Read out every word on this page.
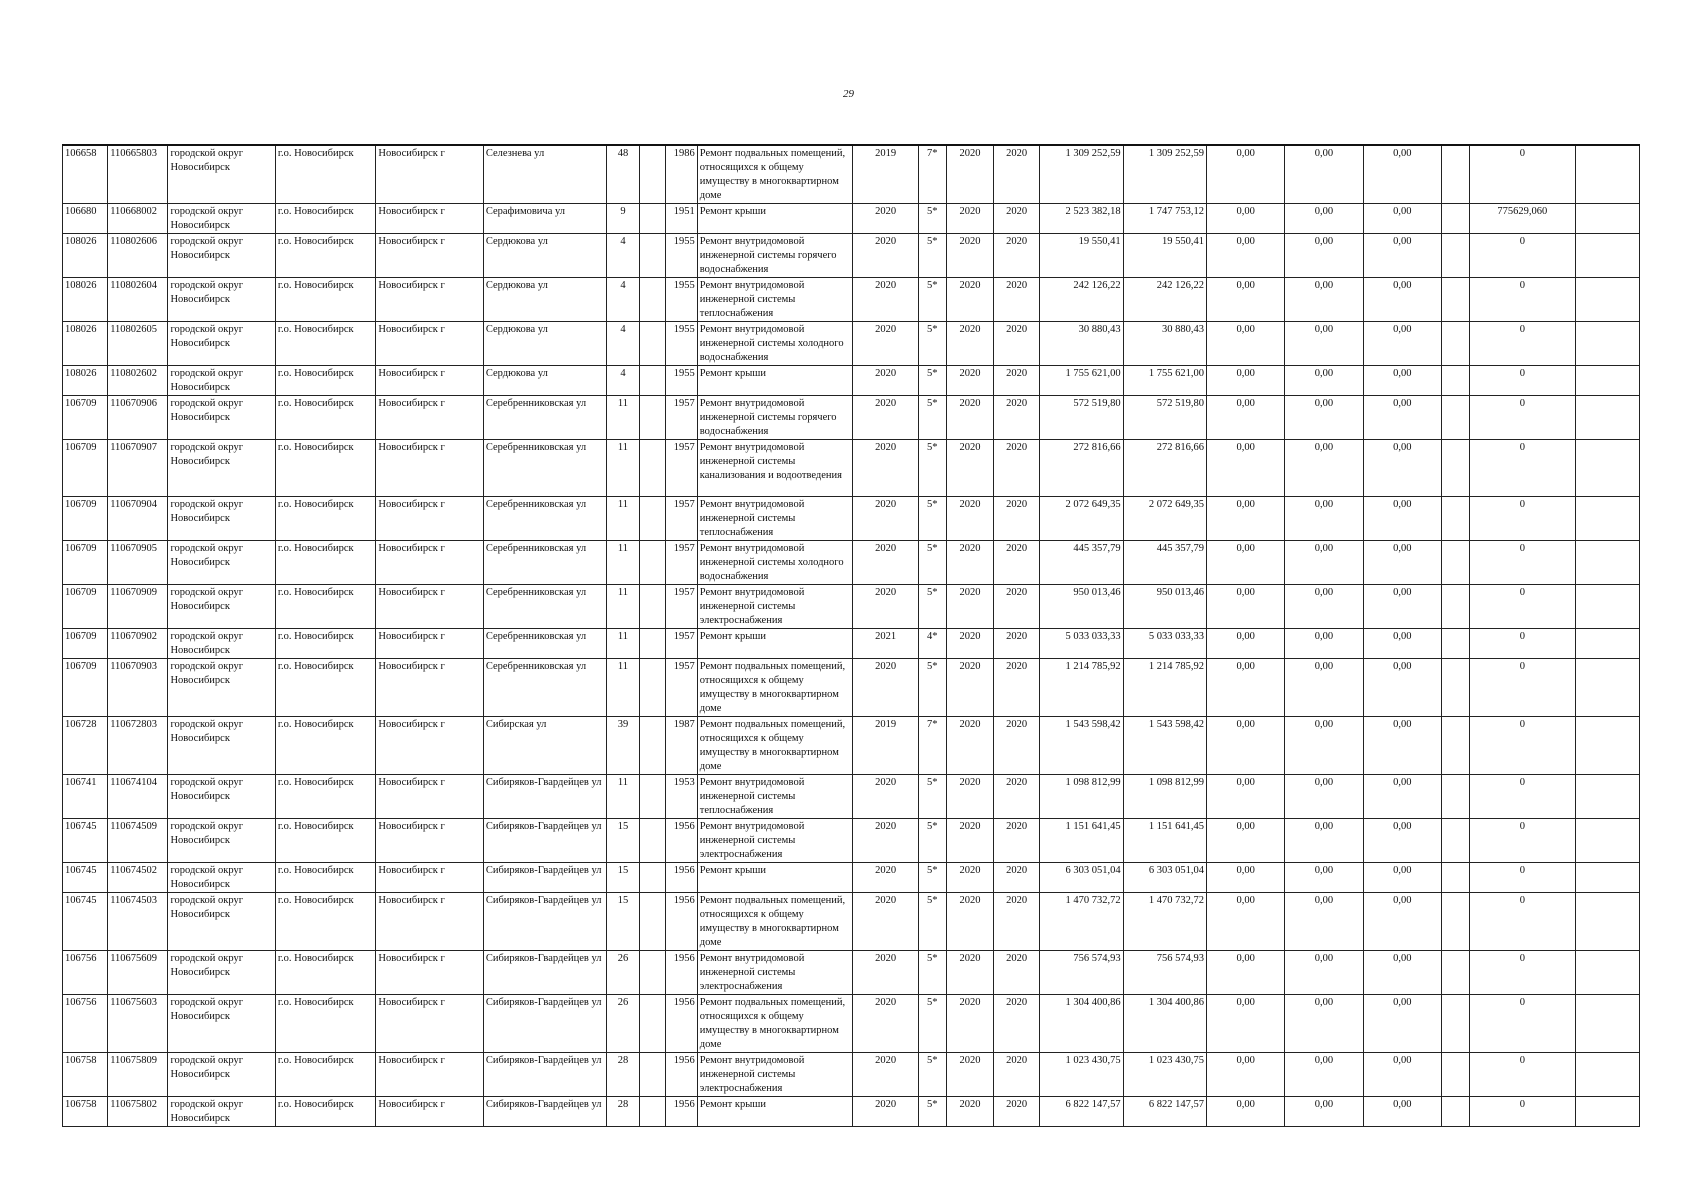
29
106658	110665803	городской округ Новосибирск	г.о. Новосибирск	Новосибирск г	Селезнева ул	48		1986	Ремонт подвальных помещений, относящихся к общему имуществу в многоквартирном доме	2019	7*	2020	2020	1 309 252,59	1 309 252,59	0,00	0,00	0,00		0	
106680	110668002	городской округ Новосибирск	г.о. Новосибирск	Новосибирск г	Серафимовича ул	9		1951	Ремонт крыши	2020	5*	2020	2020	2 523 382,18	1 747 753,12	0,00	0,00	0,00		775629,060	
108026	110802606	городской округ Новосибирск	г.о. Новосибирск	Новосибирск г	Сердюкова ул	4		1955	Ремонт внутридомовой инженерной системы горячего водоснабжения	2020	5*	2020	2020	19 550,41	19 550,41	0,00	0,00	0,00		0	
108026	110802604	городской округ Новосибирск	г.о. Новосибирск	Новосибирск г	Сердюкова ул	4		1955	Ремонт внутридомовой инженерной системы теплоснабжения	2020	5*	2020	2020	242 126,22	242 126,22	0,00	0,00	0,00		0	
108026	110802605	городской округ Новосибирск	г.о. Новосибирск	Новосибирск г	Сердюкова ул	4		1955	Ремонт внутридомовой инженерной системы холодного водоснабжения	2020	5*	2020	2020	30 880,43	30 880,43	0,00	0,00	0,00		0	
108026	110802602	городской округ Новосибирск	г.о. Новосибирск	Новосибирск г	Сердюкова ул	4		1955	Ремонт крыши	2020	5*	2020	2020	1 755 621,00	1 755 621,00	0,00	0,00	0,00		0	
106709	110670906	городской округ Новосибирск	г.о. Новосибирск	Новосибирск г	Серебренниковская ул	11		1957	Ремонт внутридомовой инженерной системы горячего водоснабжения	2020	5*	2020	2020	572 519,80	572 519,80	0,00	0,00	0,00		0	
106709	110670907	городской округ Новосибирск	г.о. Новосибирск	Новосибирск г	Серебренниковская ул	11		1957	Ремонт внутридомовой инженерной системы канализования и водоотведения	2020	5*	2020	2020	272 816,66	272 816,66	0,00	0,00	0,00		0	
106709	110670904	городской округ Новосибирск	г.о. Новосибирск	Новосибирск г	Серебренниковская ул	11		1957	Ремонт внутридомовой инженерной системы теплоснабжения	2020	5*	2020	2020	2 072 649,35	2 072 649,35	0,00	0,00	0,00		0	
106709	110670905	городской округ Новосибирск	г.о. Новосибирск	Новосибирск г	Серебренниковская ул	11		1957	Ремонт внутридомовой инженерной системы холодного водоснабжения	2020	5*	2020	2020	445 357,79	445 357,79	0,00	0,00	0,00		0	
106709	110670909	городской округ Новосибирск	г.о. Новосибирск	Новосибирск г	Серебренниковская ул	11		1957	Ремонт внутридомовой инженерной системы электроснабжения	2020	5*	2020	2020	950 013,46	950 013,46	0,00	0,00	0,00		0	
106709	110670902	городской округ Новосибирск	г.о. Новосибирск	Новосибирск г	Серебренниковская ул	11		1957	Ремонт крыши	2021	4*	2020	2020	5 033 033,33	5 033 033,33	0,00	0,00	0,00		0	
106709	110670903	городской округ Новосибирск	г.о. Новосибирск	Новосибирск г	Серебренниковская ул	11		1957	Ремонт подвальных помещений, относящихся к общему имуществу в многоквартирном доме	2020	5*	2020	2020	1 214 785,92	1 214 785,92	0,00	0,00	0,00		0	
106728	110672803	городской округ Новосибирск	г.о. Новосибирск	Новосибирск г	Сибирская ул	39		1987	Ремонт подвальных помещений, относящихся к общему имуществу в многоквартирном доме	2019	7*	2020	2020	1 543 598,42	1 543 598,42	0,00	0,00	0,00		0	
106741	110674104	городской округ Новосибирск	г.о. Новосибирск	Новосибирск г	Сибиряков-Гвардейцев ул	11		1953	Ремонт внутридомовой инженерной системы теплоснабжения	2020	5*	2020	2020	1 098 812,99	1 098 812,99	0,00	0,00	0,00		0	
106745	110674509	городской округ Новосибирск	г.о. Новосибирск	Новосибирск г	Сибиряков-Гвардейцев ул	15		1956	Ремонт внутридомовой инженерной системы электроснабжения	2020	5*	2020	2020	1 151 641,45	1 151 641,45	0,00	0,00	0,00		0	
106745	110674502	городской округ Новосибирск	г.о. Новосибирск	Новосибирск г	Сибиряков-Гвардейцев ул	15		1956	Ремонт крыши	2020	5*	2020	2020	6 303 051,04	6 303 051,04	0,00	0,00	0,00		0	
106745	110674503	городской округ Новосибирск	г.о. Новосибирск	Новосибирск г	Сибиряков-Гвардейцев ул	15		1956	Ремонт подвальных помещений, относящихся к общему имуществу в многоквартирном доме	2020	5*	2020	2020	1 470 732,72	1 470 732,72	0,00	0,00	0,00		0	
106756	110675609	городской округ Новосибирск	г.о. Новосибирск	Новосибирск г	Сибиряков-Гвардейцев ул	26		1956	Ремонт внутридомовой инженерной системы электроснабжения	2020	5*	2020	2020	756 574,93	756 574,93	0,00	0,00	0,00		0	
106756	110675603	городской округ Новосибирск	г.о. Новосибирск	Новосибирск г	Сибиряков-Гвардейцев ул	26		1956	Ремонт подвальных помещений, относящихся к общему имуществу в многоквартирном доме	2020	5*	2020	2020	1 304 400,86	1 304 400,86	0,00	0,00	0,00		0	
106758	110675809	городской округ Новосибирск	г.о. Новосибирск	Новосибирск г	Сибиряков-Гвардейцев ул	28		1956	Ремонт внутридомовой инженерной системы электроснабжения	2020	5*	2020	2020	1 023 430,75	1 023 430,75	0,00	0,00	0,00		0	
106758	110675802	городской округ Новосибирск	г.о. Новосибирск	Новосибирск г	Сибиряков-Гвардейцев ул	28		1956	Ремонт крыши	2020	5*	2020	2020	6 822 147,57	6 822 147,57	0,00	0,00	0,00		0	
